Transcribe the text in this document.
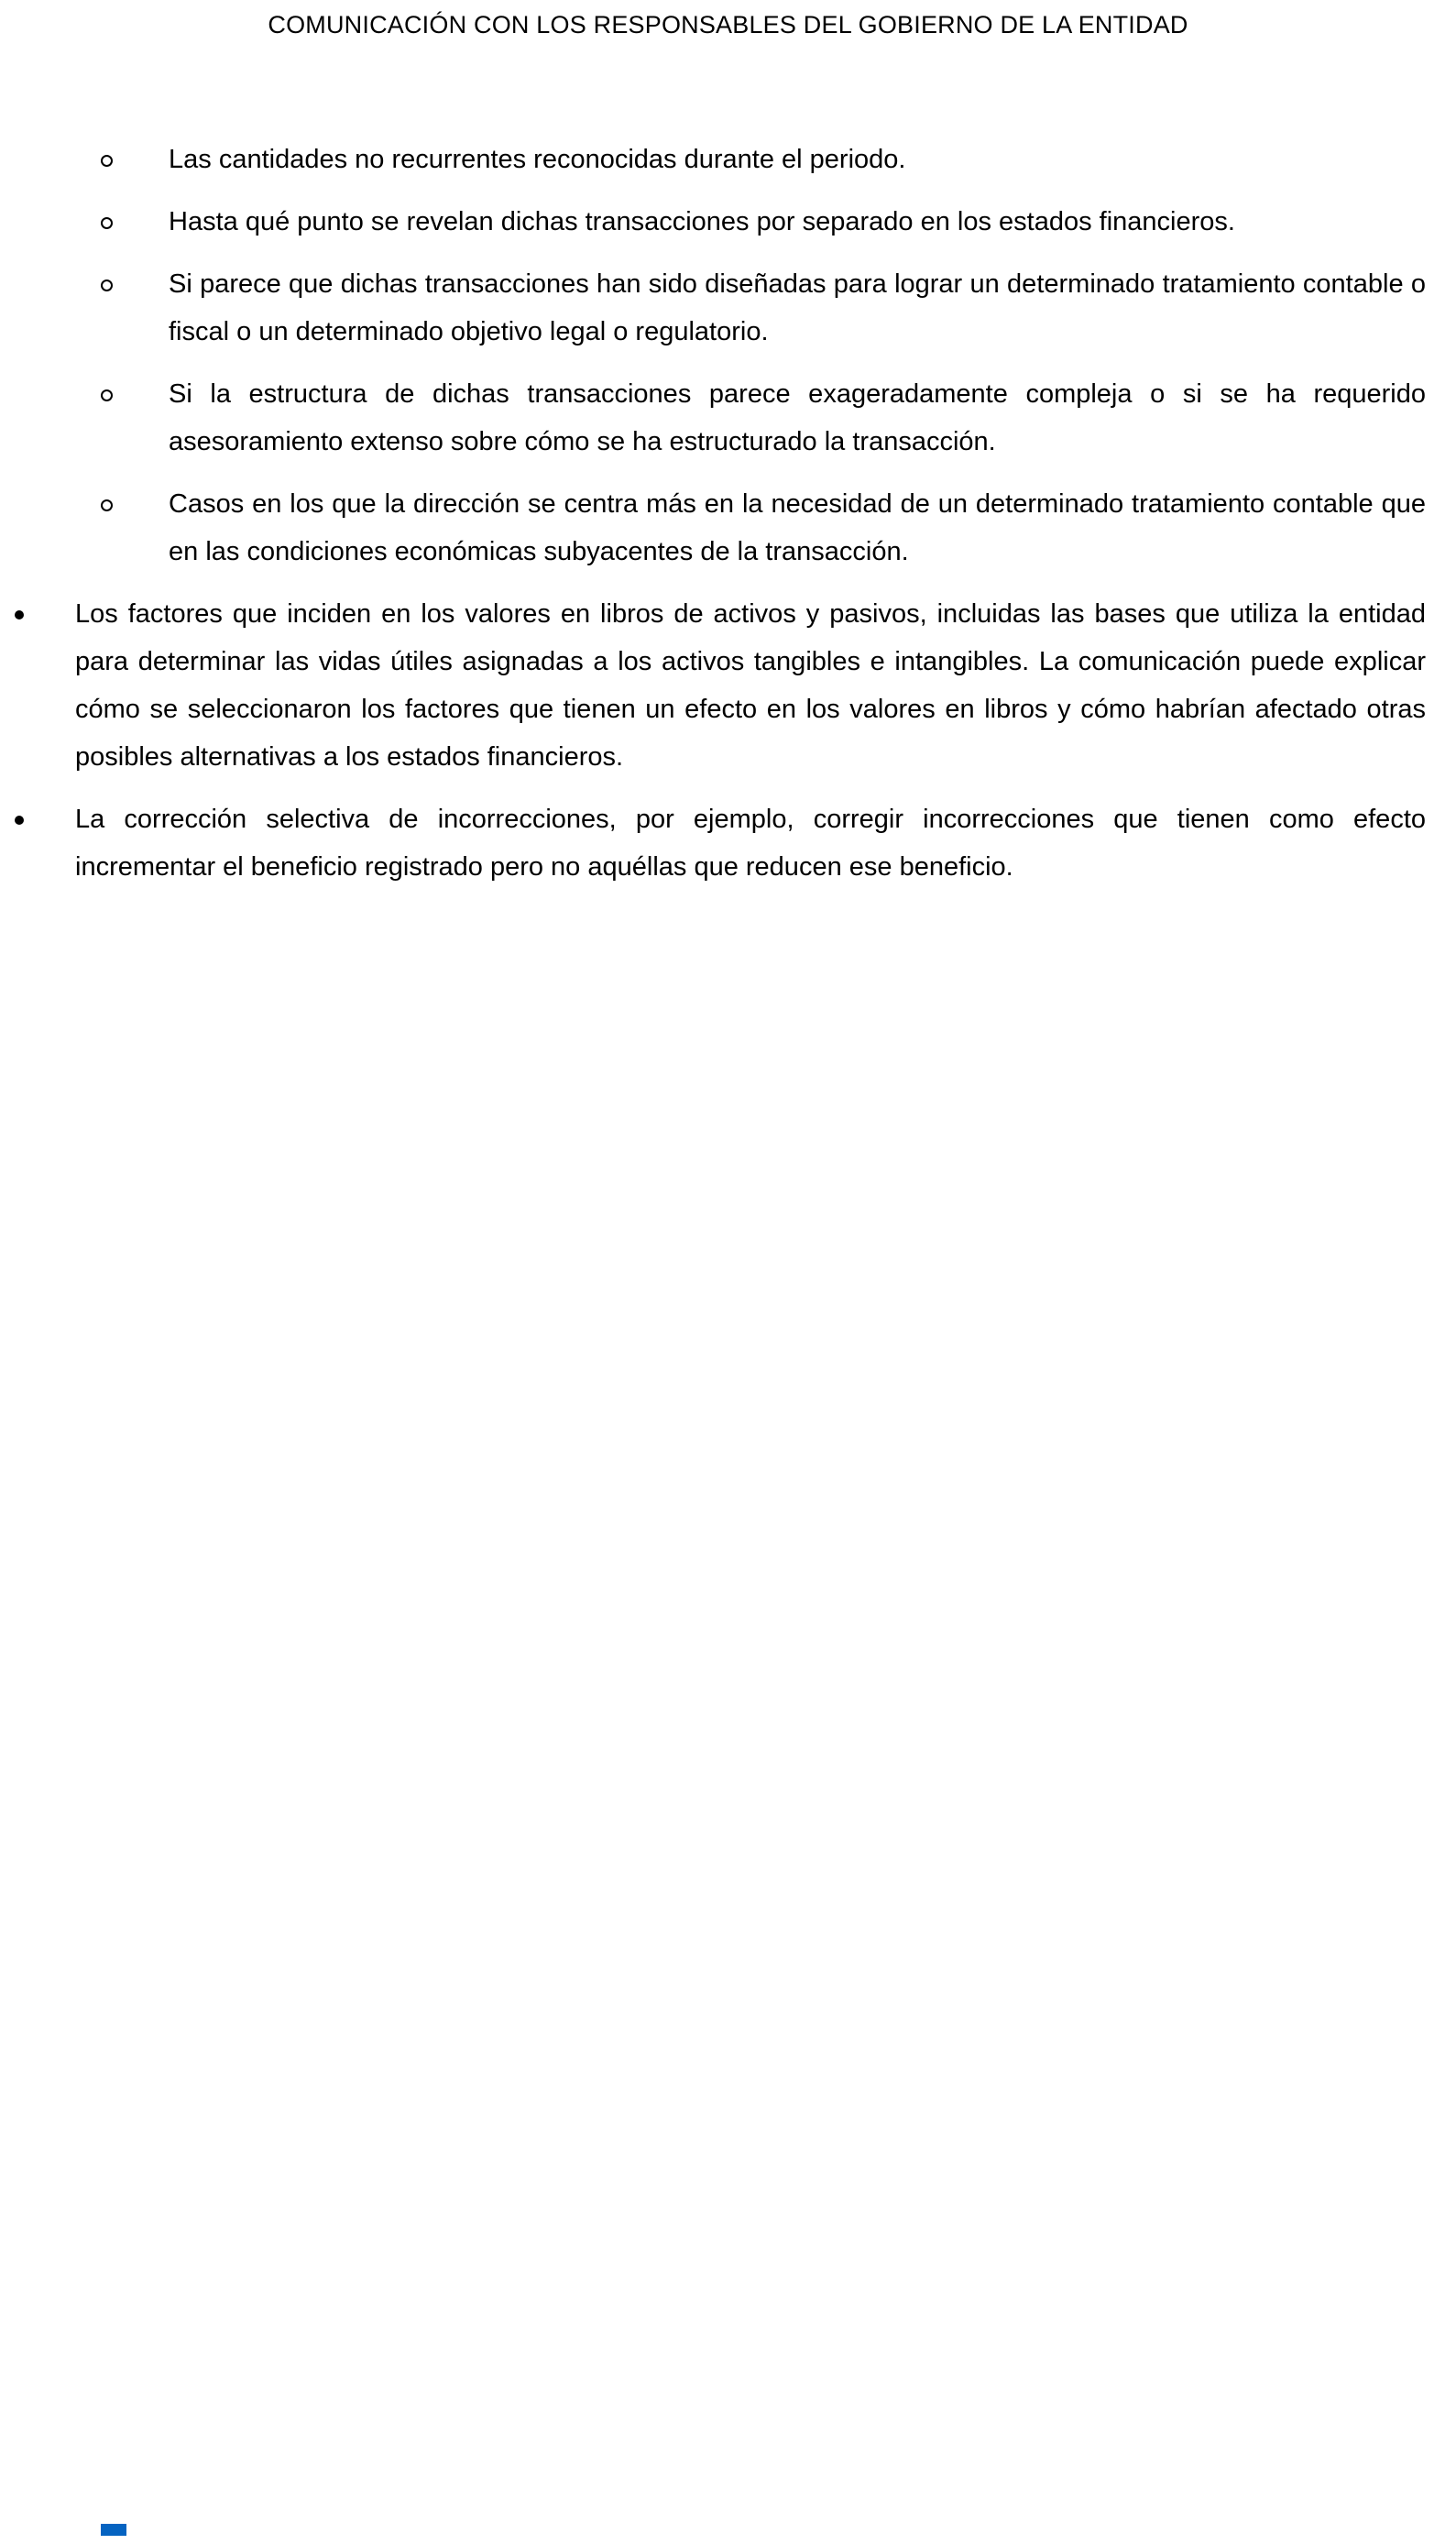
COMUNICACIÓN CON LOS RESPONSABLES DEL GOBIERNO DE LA ENTIDAD
Las cantidades no recurrentes reconocidas durante el periodo.
Hasta qué punto se revelan dichas transacciones por separado en los estados financieros.
Si parece que dichas transacciones han sido diseñadas para lograr un determinado tratamiento contable o fiscal o un determinado objetivo legal o regulatorio.
Si la estructura de dichas transacciones parece exageradamente compleja o si se ha requerido asesoramiento extenso sobre cómo se ha estructurado la transacción.
Casos en los que la dirección se centra más en la necesidad de un determinado tratamiento contable que en las condiciones económicas subyacentes de la transacción.
Los factores que inciden en los valores en libros de activos y pasivos, incluidas las bases que utiliza la entidad para determinar las vidas útiles asignadas a los activos tangibles e intangibles. La comunicación puede explicar cómo se seleccionaron los factores que tienen un efecto en los valores en libros y cómo habrían afectado otras posibles alternativas a los estados financieros.
La corrección selectiva de incorrecciones, por ejemplo, corregir incorrecciones que tienen como efecto incrementar el beneficio registrado pero no aquéllas que reducen ese beneficio.
